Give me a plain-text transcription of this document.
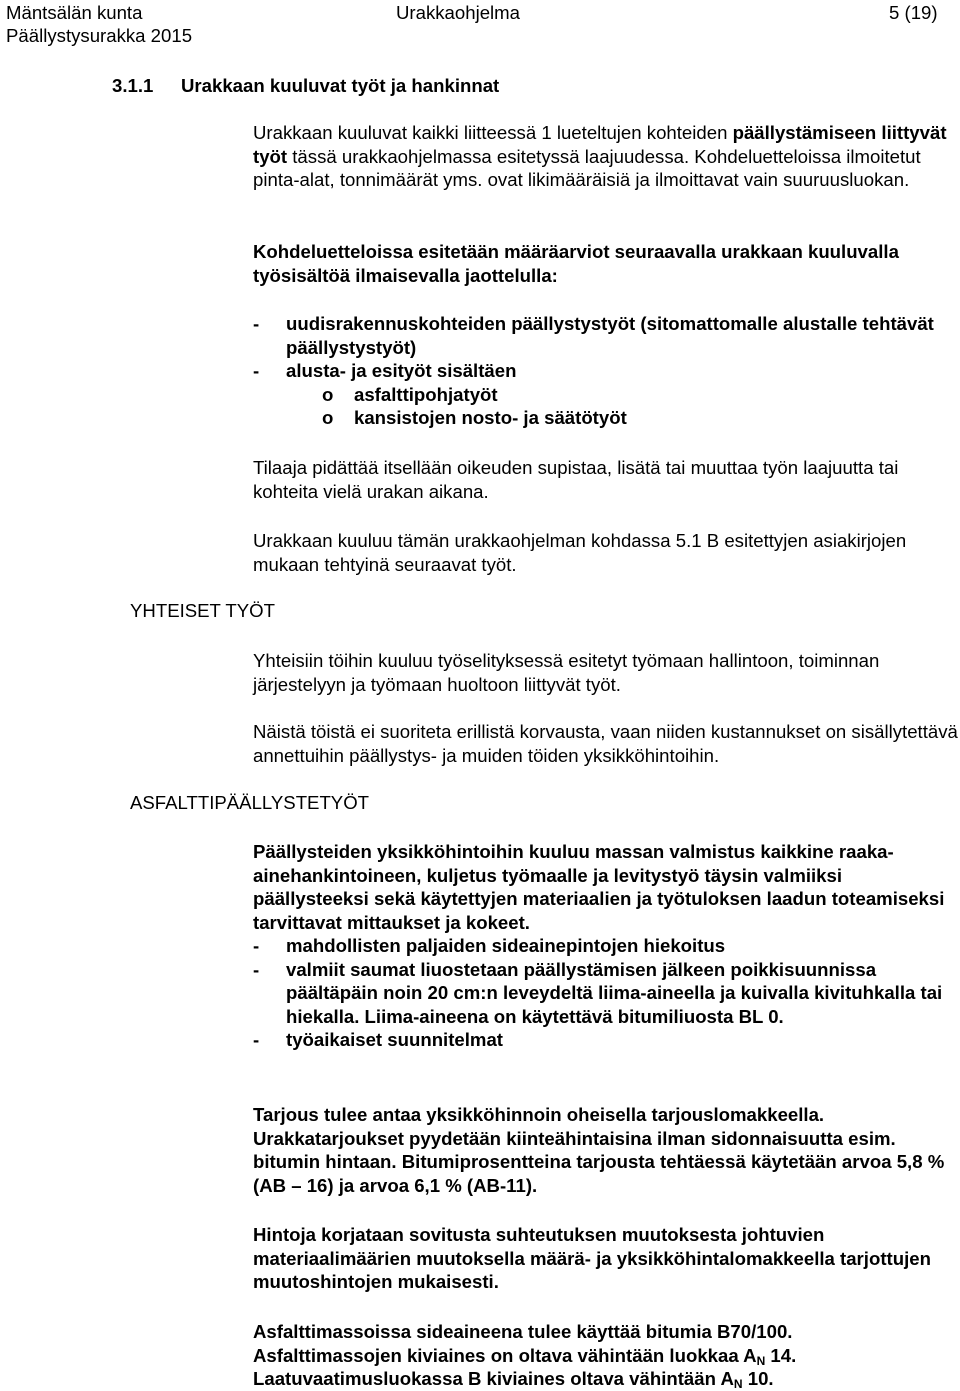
Mäntsälän kunta
Päällystysurakka 2015
Urakkaohjelma	5 (19)
3.1.1 Urakkaan kuuluvat työt ja hankinnat
YHTEISET TYÖT
ASFALTTIPÄÄLLYSTETYÖT

Urakkaan kuuluvat kaikki liitteessä 1 lueteltujen kohteiden päällystämiseen liittyvät työt tässä urakkaohjelmassa esitetyssä laajuudessa. Kohdeluetteloissa ilmoitetut pinta-alat, tonnimäärät yms. ovat likimääräisiä ja ilmoittavat vain suuruusluokan.

Kohdeluetteloissa esitetään määräarviot seuraavalla urakkaan kuuluvalla työsisältöä ilmaisevalla jaottelulla:
- uudisrakennuskohteiden päällystystyöt (sitomattomalle alustalle tehtävät päällystystyöt)
- alusta- ja esityöt sisältäen
o asfalttipohjatyöt
o kansistojen nosto- ja säätötyöt
Tilaaja pidättää itsellään oikeuden supistaa, lisätä tai muuttaa työn laajuutta tai kohteita vielä urakan aikana.
Urakkaan kuuluu tämän urakkaohjelman kohdassa 5.1 B esitettyjen asiakirjojen mukaan tehtyinä seuraavat työt.
Yhteisiin töihin kuuluu työselityksessä esitetyt työmaan hallintoon, toiminnan järjestelyyn ja työmaan huoltoon liittyvät työt.
Näistä töistä ei suoriteta erillistä korvausta, vaan niiden kustannukset on sisällytettävä annettuihin päällystys- ja muiden töiden yksikköhintoihin.

Päällysteiden yksikköhintoihin kuuluu massan valmistus kaikkine raaka-ainehankintoineen, kuljetus työmaalle ja levitystyö täysin valmiiksi päällysteeksi sekä käytettyjen materiaalien ja työtuloksen laadun toteamiseksi tarvittavat mittaukset ja kokeet.

- mahdollisten paljaiden sideainepintojen hiekoitus
- valmiit saumat liuostetaan päällystämisen jälkeen poikkisuunnissa päältäpäin noin 20 cm:n leveydeltä liima-aineella ja kuivalla kivituhkalla tai hiekalla. Liima-aineena on käytettävä bitumiliuosta BL 0.
- työaikaiset suunnitelmat
Tarjous tulee antaa yksikköhinnoin oheisella tarjouslomakkeella. Urakkatarjoukset pyydetään kiinteähintaisina ilman sidonnaisuutta esim. bitumin hintaan. Bitumiprosentteina tarjousta tehtäessä käytetään arvoa 5,8 % (AB – 16) ja arvoa 6,1 % (AB-11).
Hintoja korjataan sovitusta suhteutuksen muutoksesta johtuvien materiaalimäärien muutoksella määrä- ja yksikköhintalomakkeella tarjottujen muutoshintojen mukaisesti.

Asfalttimassoissa sideaineena tulee käyttää bitumia B70/100.

Asfalttimassojen kiviaines on oltava vähintään luokkaa $A_N$ 14.

Laatuvaatimusluokassa B kiviaines oltava vähintään $A_N$ 10.
